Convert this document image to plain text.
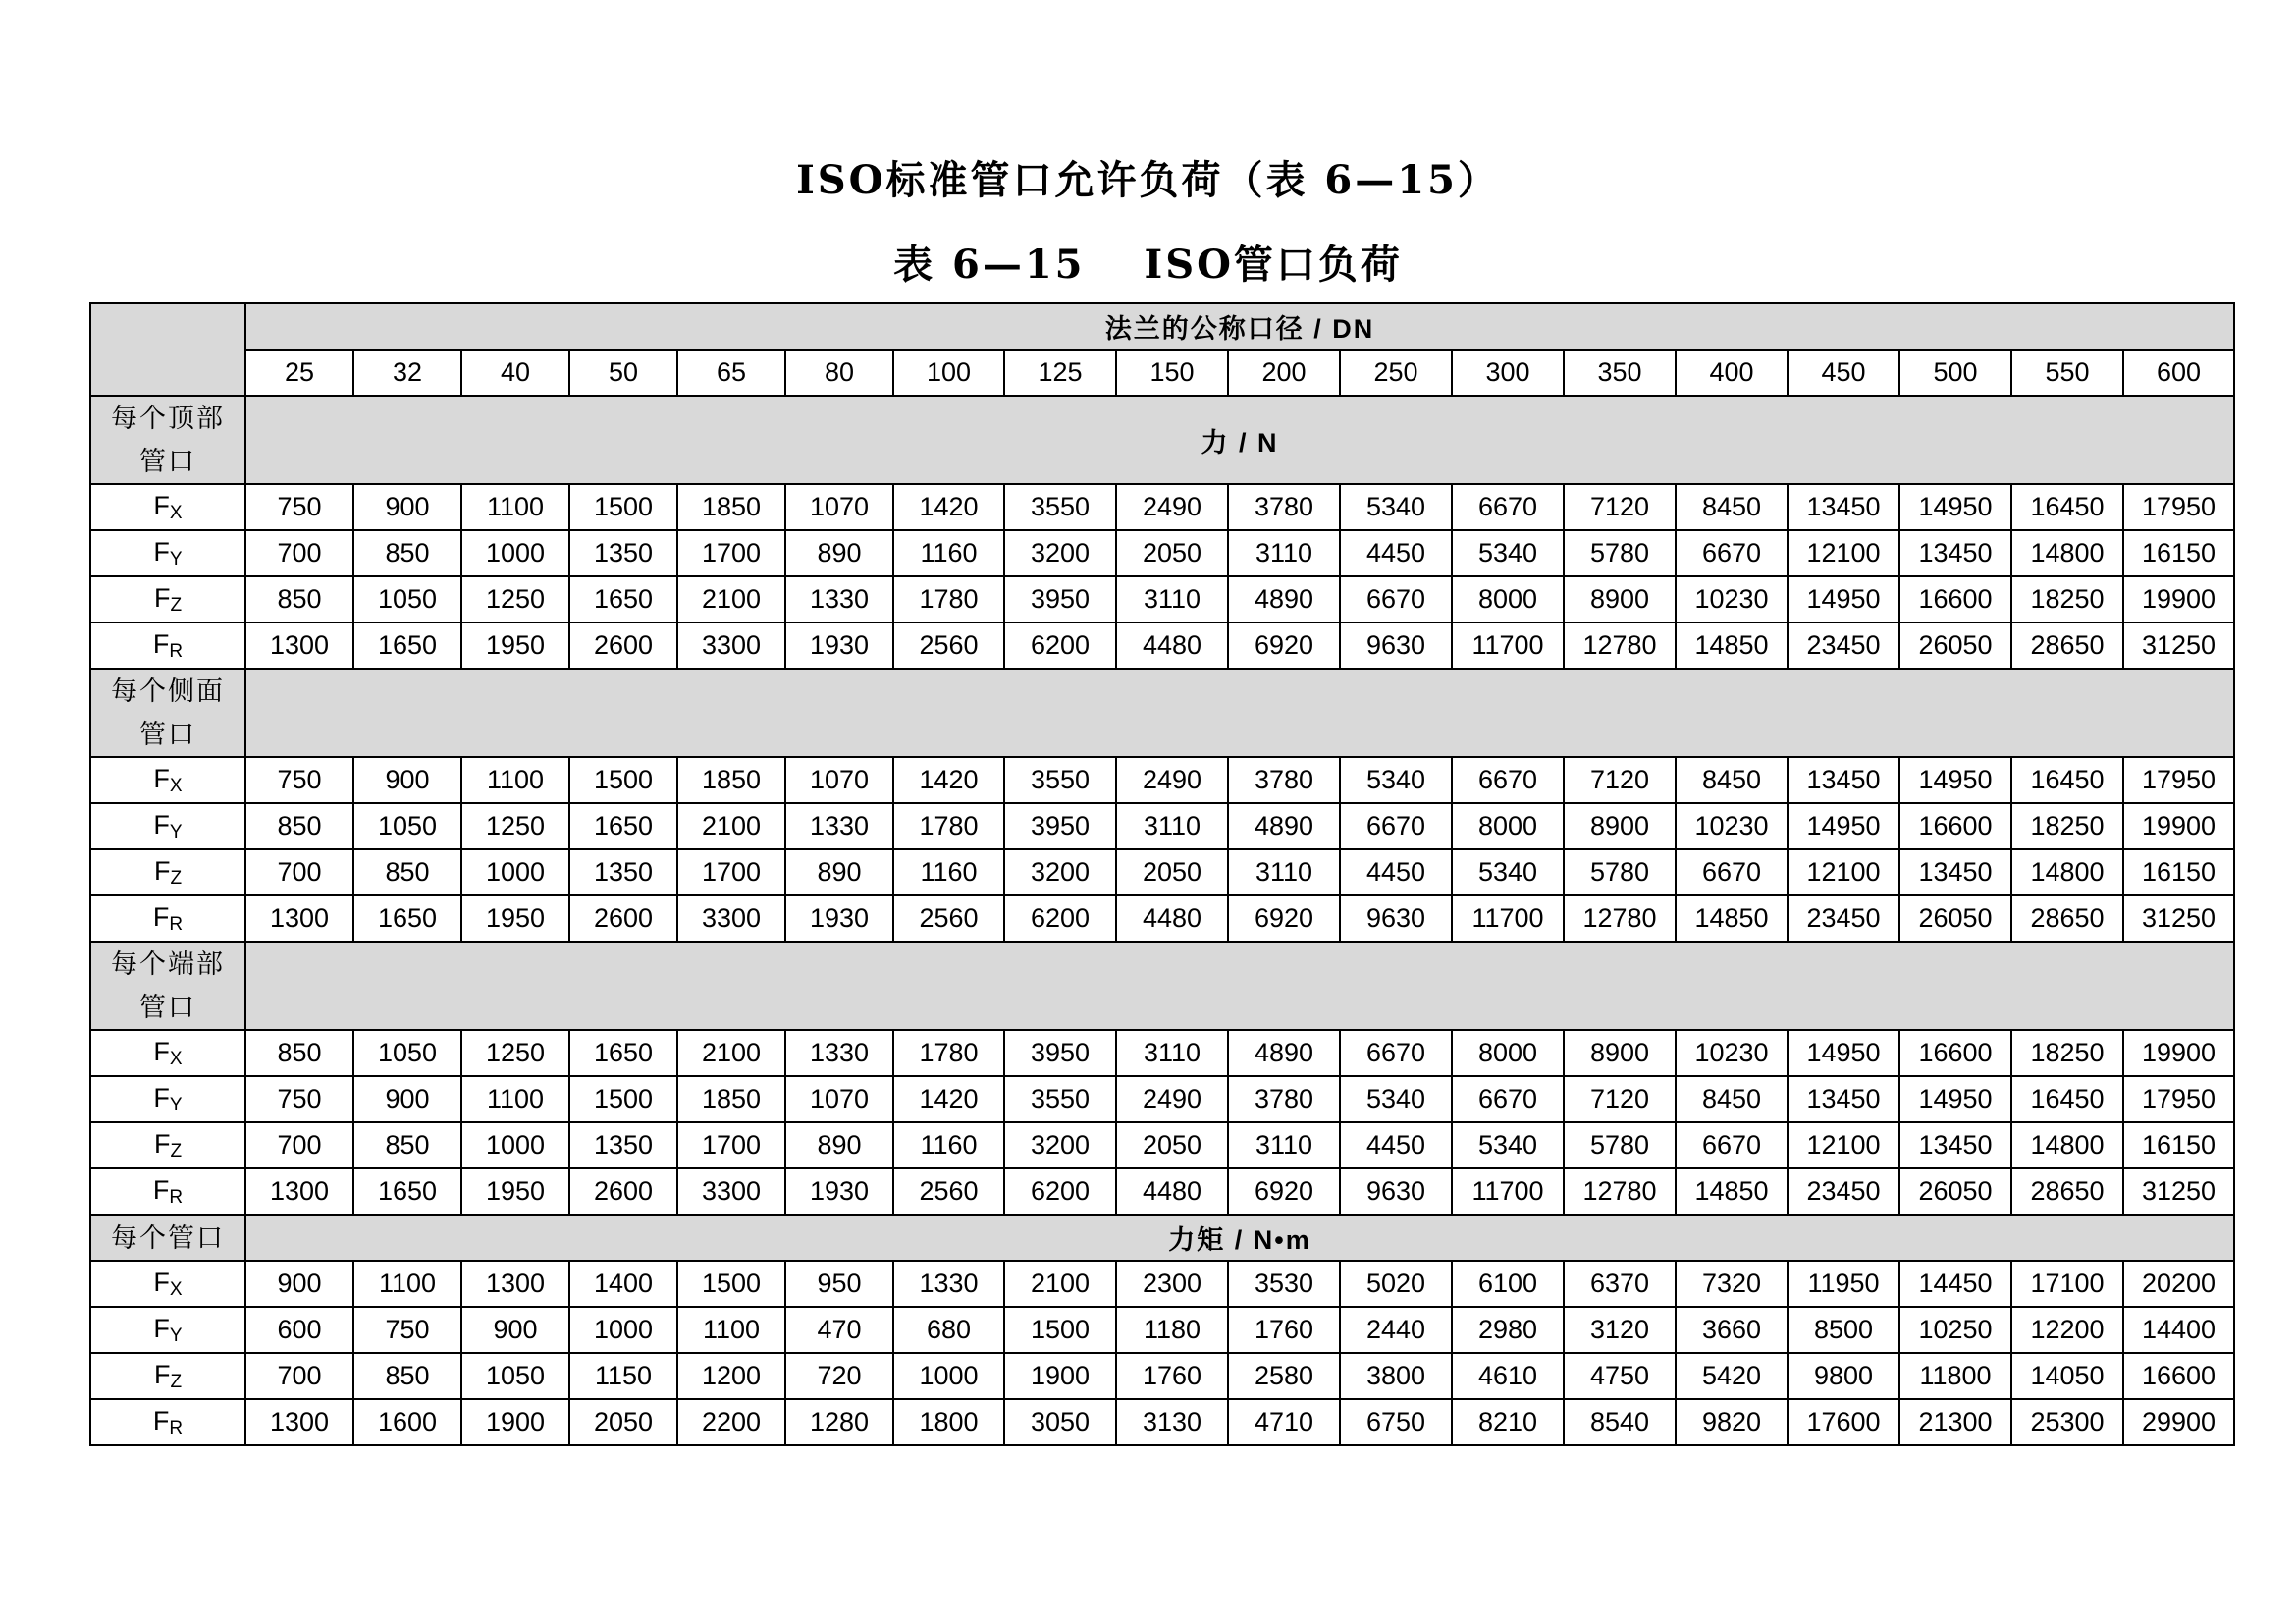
ISO标准管口允许负荷（表 6—15）
表 6—15 ISO管口负荷
	法兰的公称口径 / DN																	
	25	32	40	50	65	80	100	125	150	200	250	300	350	400	450	500	550	600

每个顶部
管口	力 / N																	
$F_X$	750	900	1100	1500	1850	1070	1420	3550	2490	3780	5340	6670	7120	8450	13450	14950	16450	17950
$F_Y$	700	850	1000	1350	1700	890	1160	3200	2050	3110	4450	5340	5780	6670	12100	13450	14800	16150
$F_Z$	850	1050	1250	1650	2100	1330	1780	3950	3110	4890	6670	8000	8900	10230	14950	16600	18250	19900
$F_R$	1300	1650	1950	2600	3300	1930	2560	6200	4480	6920	9630	11700	12780	14850	23450	26050	28650	31250

每个侧面
管口																		

$F_X$	750	900	1100	1500	1850	1070	1420	3550	2490	3780	5340	6670	7120	8450	13450	14950	16450	17950
$F_Y$	850	1050	1250	1650	2100	1330	1780	3950	3110	4890	6670	8000	8900	10230	14950	16600	18250	19900
$F_Z$	700	850	1000	1350	1700	890	1160	3200	2050	3110	4450	5340	5780	6670	12100	13450	14800	16150
$F_R$	1300	1650	1950	2600	3300	1930	2560	6200	4480	6920	9630	11700	12780	14850	23450	26050	28650	31250

每个端部
管口																		

$F_X$	850	1050	1250	1650	2100	1330	1780	3950	3110	4890	6670	8000	8900	10230	14950	16600	18250	19900
$F_Y$	750	900	1100	1500	1850	1070	1420	3550	2490	3780	5340	6670	7120	8450	13450	14950	16450	17950
$F_Z$	700	850	1000	1350	1700	890	1160	3200	2050	3110	4450	5340	5780	6670	12100	13450	14800	16150
$F_R$	1300	1650	1950	2600	3300	1930	2560	6200	4480	6920	9630	11700	12780	14850	23450	26050	28650	31250

每个管口	力矩 / N•m																	
$F_X$	900	1100	1300	1400	1500	950	1330	2100	2300	3530	5020	6100	6370	7320	11950	14450	17100	20200
$F_Y$	600	750	900	1000	1100	470	680	1500	1180	1760	2440	2980	3120	3660	8500	10250	12200	14400
$F_Z$	700	850	1050	1150	1200	720	1000	1900	1760	2580	3800	4610	4750	5420	9800	11800	14050	16600
$F_R$	1300	1600	1900	2050	2200	1280	1800	3050	3130	4710	6750	8210	8540	9820	17600	21300	25300	29900
